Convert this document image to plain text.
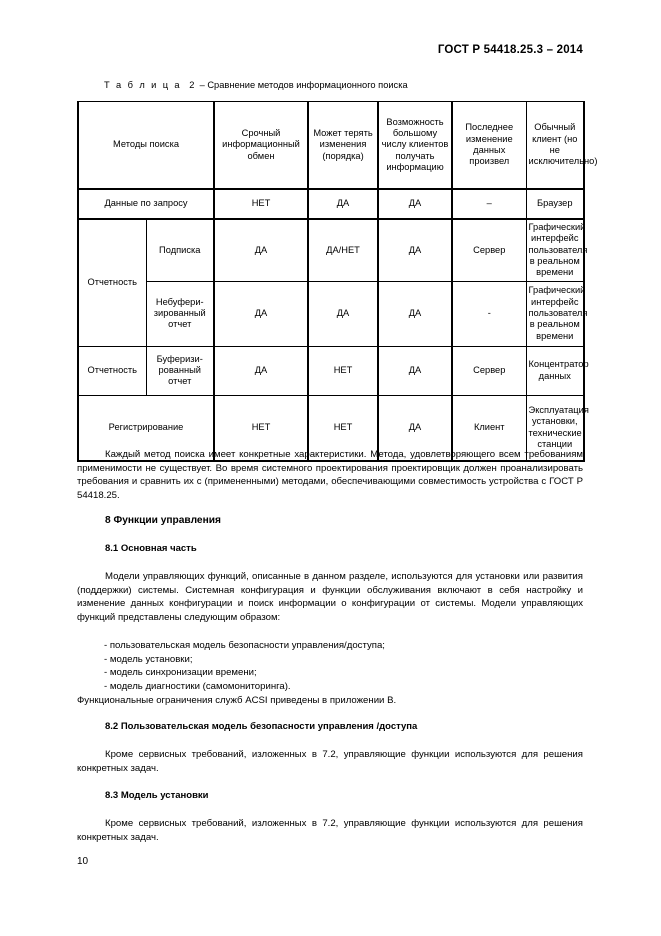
ГОСТ Р 54418.25.3 – 2014
Т а б л и ц а 2 – Сравнение методов информационного поиска
Методы поиска		Срочный информационный обмен	Может терять изменения (порядка)	Возможность большому числу клиентов получать информацию	Последнее изменение данных произвел	Обычный клиент (но не исключительно)
Данные по запросу		НЕТ	ДА	ДА	–	Браузер
Отчетность	Подписка	ДА	ДА/НЕТ	ДА	Сервер	Графический интерфейс пользователя в реальном времени
	Небуфери-зированный отчет	ДА	ДА	ДА	-	Графический интерфейс пользователя в реальном времени
Отчетность	Буферизи-рованный отчет	ДА	НЕТ	ДА	Сервер	Концентратор данных
Регистрирование		НЕТ	НЕТ	ДА	Клиент	Эксплуатация установки, технические станции
Каждый метод поиска имеет конкретные характеристики. Метода, удовлетворяющего всем требованиям применимости не существует. Во время системного проектирования проектировщик должен проанализировать требования и сравнить их с (примененными) методами, обеспечивающими совместимость устройства с ГОСТ Р 54418.25.
8 Функции управления
8.1 Основная часть
Модели управляющих функций, описанные в данном разделе, используются для установки или развития (поддержки) системы. Системная конфигурация и функции обслуживания включают в себя настройку и изменение данных конфигурации и поиск информации о конфигурации от системы. Модели управляющих функций представлены следующим образом:
- пользовательская модель безопасности управления/доступа;
- модель установки;
- модель синхронизации времени;
- модель диагностики (самомониторинга).
Функциональные ограничения служб ACSI приведены в приложении В.
8.2 Пользовательская модель безопасности управления /доступа
Кроме сервисных требований, изложенных в 7.2, управляющие функции используются для решения конкретных задач.
8.3 Модель установки
Кроме сервисных требований, изложенных в 7.2, управляющие функции используются для решения конкретных задач.
10
